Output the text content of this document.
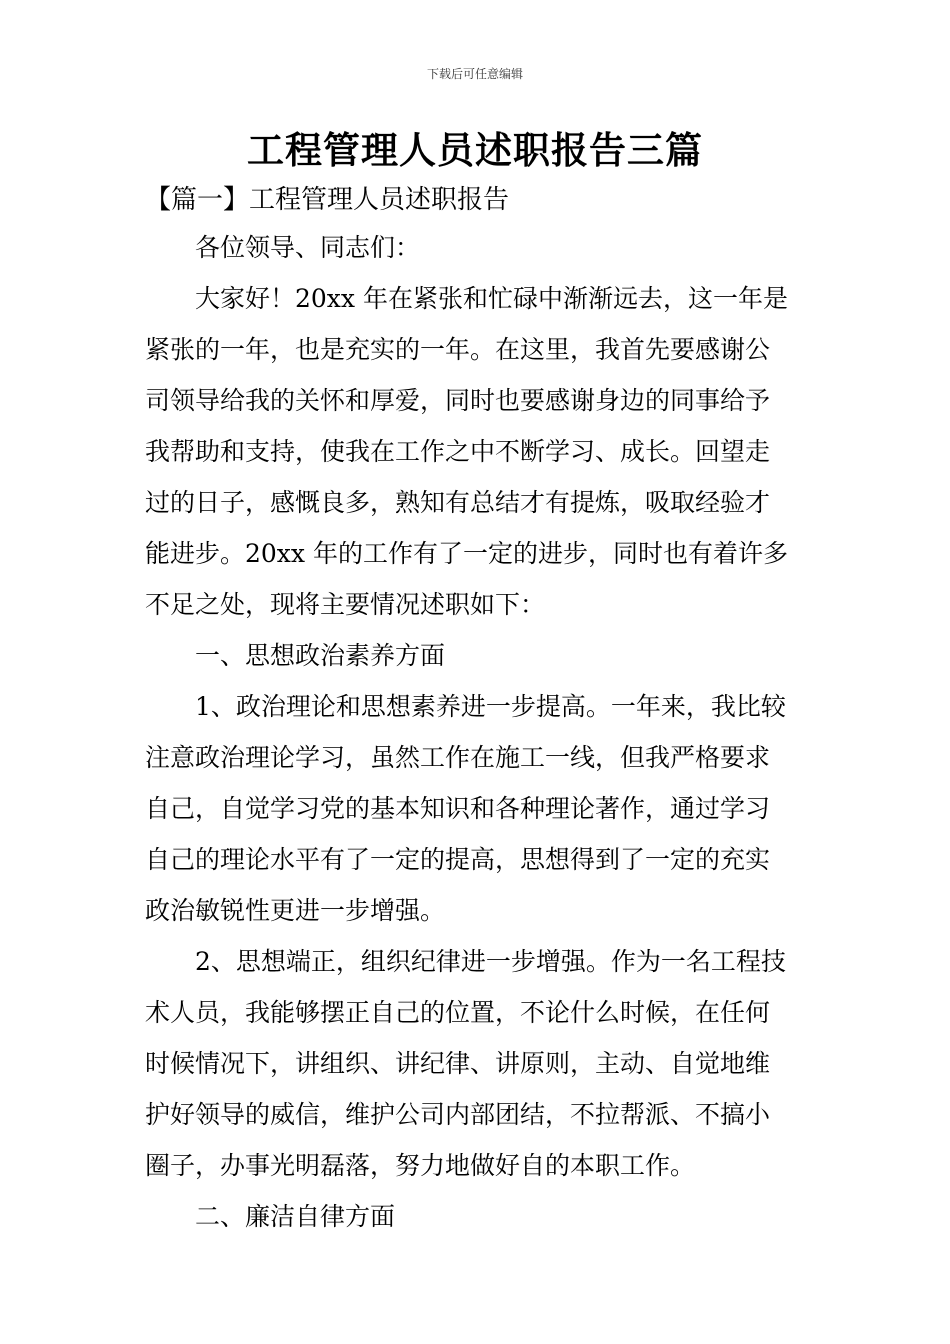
下载后可任意编辑
工程管理人员述职报告三篇
【篇一】工程管理人员述职报告
各位领导、同志们：
大家好！20xx 年在紧张和忙碌中渐渐远去，这一年是
紧张的一年，也是充实的一年。在这里，我首先要感谢公
司领导给我的关怀和厚爱，同时也要感谢身边的同事给予
我帮助和支持，使我在工作之中不断学习、成长。回望走
过的日子，感慨良多，熟知有总结才有提炼，吸取经验才
能进步。20xx 年的工作有了一定的进步，同时也有着许多
不足之处，现将主要情况述职如下：
一、思想政治素养方面
1、政治理论和思想素养进一步提高。一年来，我比较
注意政治理论学习，虽然工作在施工一线，但我严格要求
自己，自觉学习党的基本知识和各种理论著作，通过学习
自己的理论水平有了一定的提高，思想得到了一定的充实
政治敏锐性更进一步增强。
2、思想端正，组织纪律进一步增强。作为一名工程技
术人员，我能够摆正自己的位置，不论什么时候，在任何
时候情况下，讲组织、讲纪律、讲原则，主动、自觉地维
护好领导的威信，维护公司内部团结，不拉帮派、不搞小
圈子，办事光明磊落，努力地做好自的本职工作。
二、廉洁自律方面
